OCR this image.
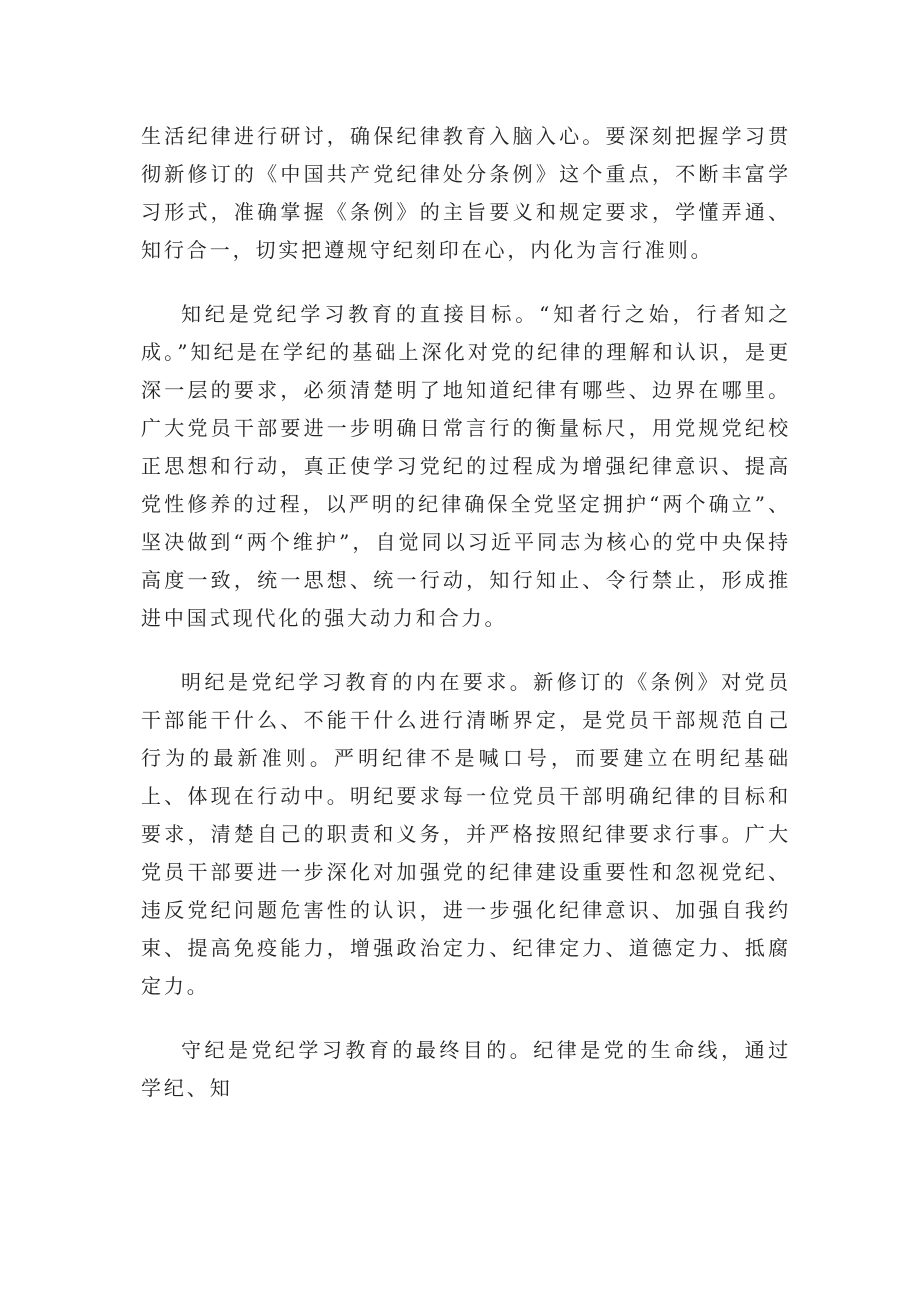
生活纪律进行研讨，确保纪律教育入脑入心。要深刻把握学习贯彻新修订的《中国共产党纪律处分条例》这个重点，不断丰富学习形式，准确掌握《条例》的主旨要义和规定要求，学懂弄通、知行合一，切实把遵规守纪刻印在心，内化为言行准则。

知纪是党纪学习教育的直接目标。“知者行之始，行者知之成。”知纪是在学纪的基础上深化对党的纪律的理解和认识，是更深一层的要求，必须清楚明了地知道纪律有哪些、边界在哪里。广大党员干部要进一步明确日常言行的衡量标尺，用党规党纪校正思想和行动，真正使学习党纪的过程成为增强纪律意识、提高党性修养的过程，以严明的纪律确保全党坚定拥护“两个确立”、坚决做到“两个维护”，自觉同以习近平同志为核心的党中央保持高度一致，统一思想、统一行动，知行知止、令行禁止，形成推进中国式现代化的强大动力和合力。

明纪是党纪学习教育的内在要求。新修订的《条例》对党员干部能干什么、不能干什么进行清晰界定，是党员干部规范自己行为的最新准则。严明纪律不是喊口号，而要建立在明纪基础上、体现在行动中。明纪要求每一位党员干部明确纪律的目标和要求，清楚自己的职责和义务，并严格按照纪律要求行事。广大党员干部要进一步深化对加强党的纪律建设重要性和忽视党纪、违反党纪问题危害性的认识，进一步强化纪律意识、加强自我约束、提高免疫能力，增强政治定力、纪律定力、道德定力、抵腐定力。

守纪是党纪学习教育的最终目的。纪律是党的生命线，通过学纪、知
